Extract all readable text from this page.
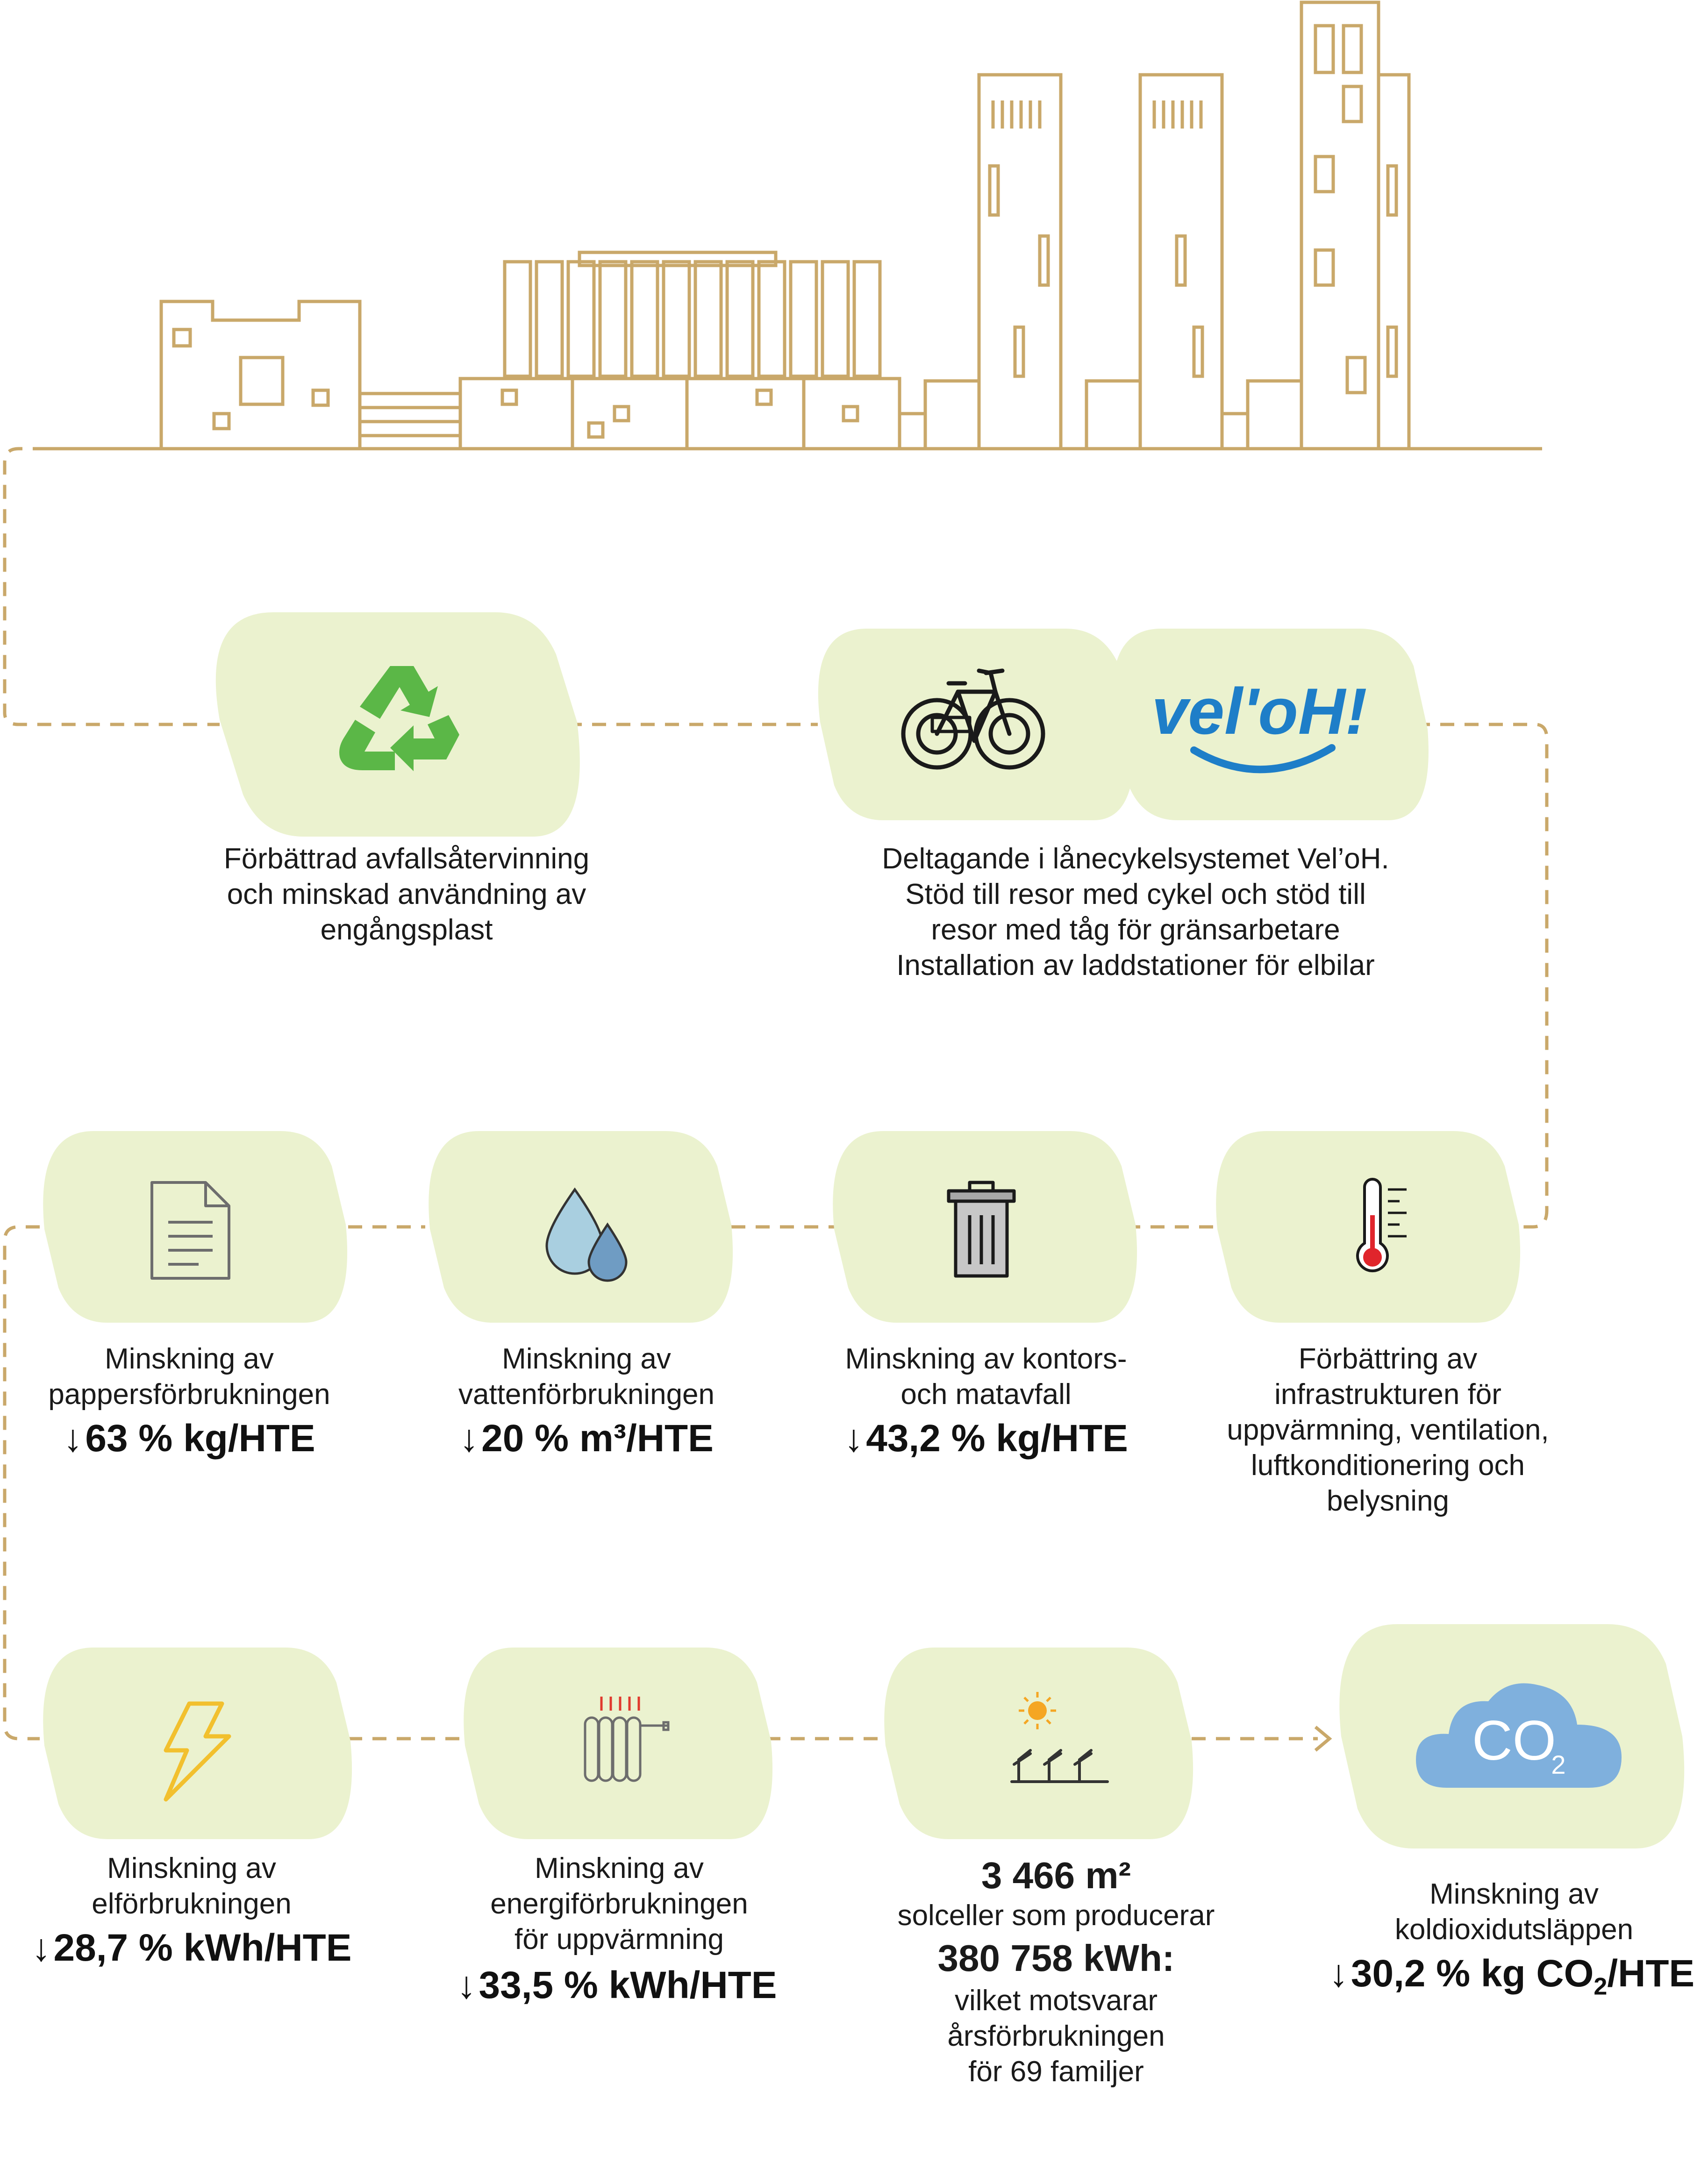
vel'oH!
CO
2
Förbättrad avfallsåtervinning
och minskad användning av
engångsplast
Deltagande i lånecykelsystemet Vel’oH.
Stöd till resor med cykel och stöd till
resor med tåg för gränsarbetare
Installation av laddstationer för elbilar
Minskning av
pappersförbrukningen
↓63 % kg/HTE
Minskning av
vattenförbrukningen
↓20 % m³/HTE
Minskning av kontors-
och matavfall
↓43,2 % kg/HTE
Förbättring av
infrastrukturen för
uppvärmning, ventilation,
luftkonditionering och
belysning
Minskning av
elförbrukningen
↓28,7 % kWh/HTE
Minskning av
energiförbrukningen
för uppvärmning
↓33,5 % kWh/HTE
3 466 m²
solceller som producerar
380 758 kWh:
vilket motsvarar
årsförbrukningen
för 69 familjer
Minskning av
koldioxidutsläppen
↓30,2 % kg $CO_2$/HTE
